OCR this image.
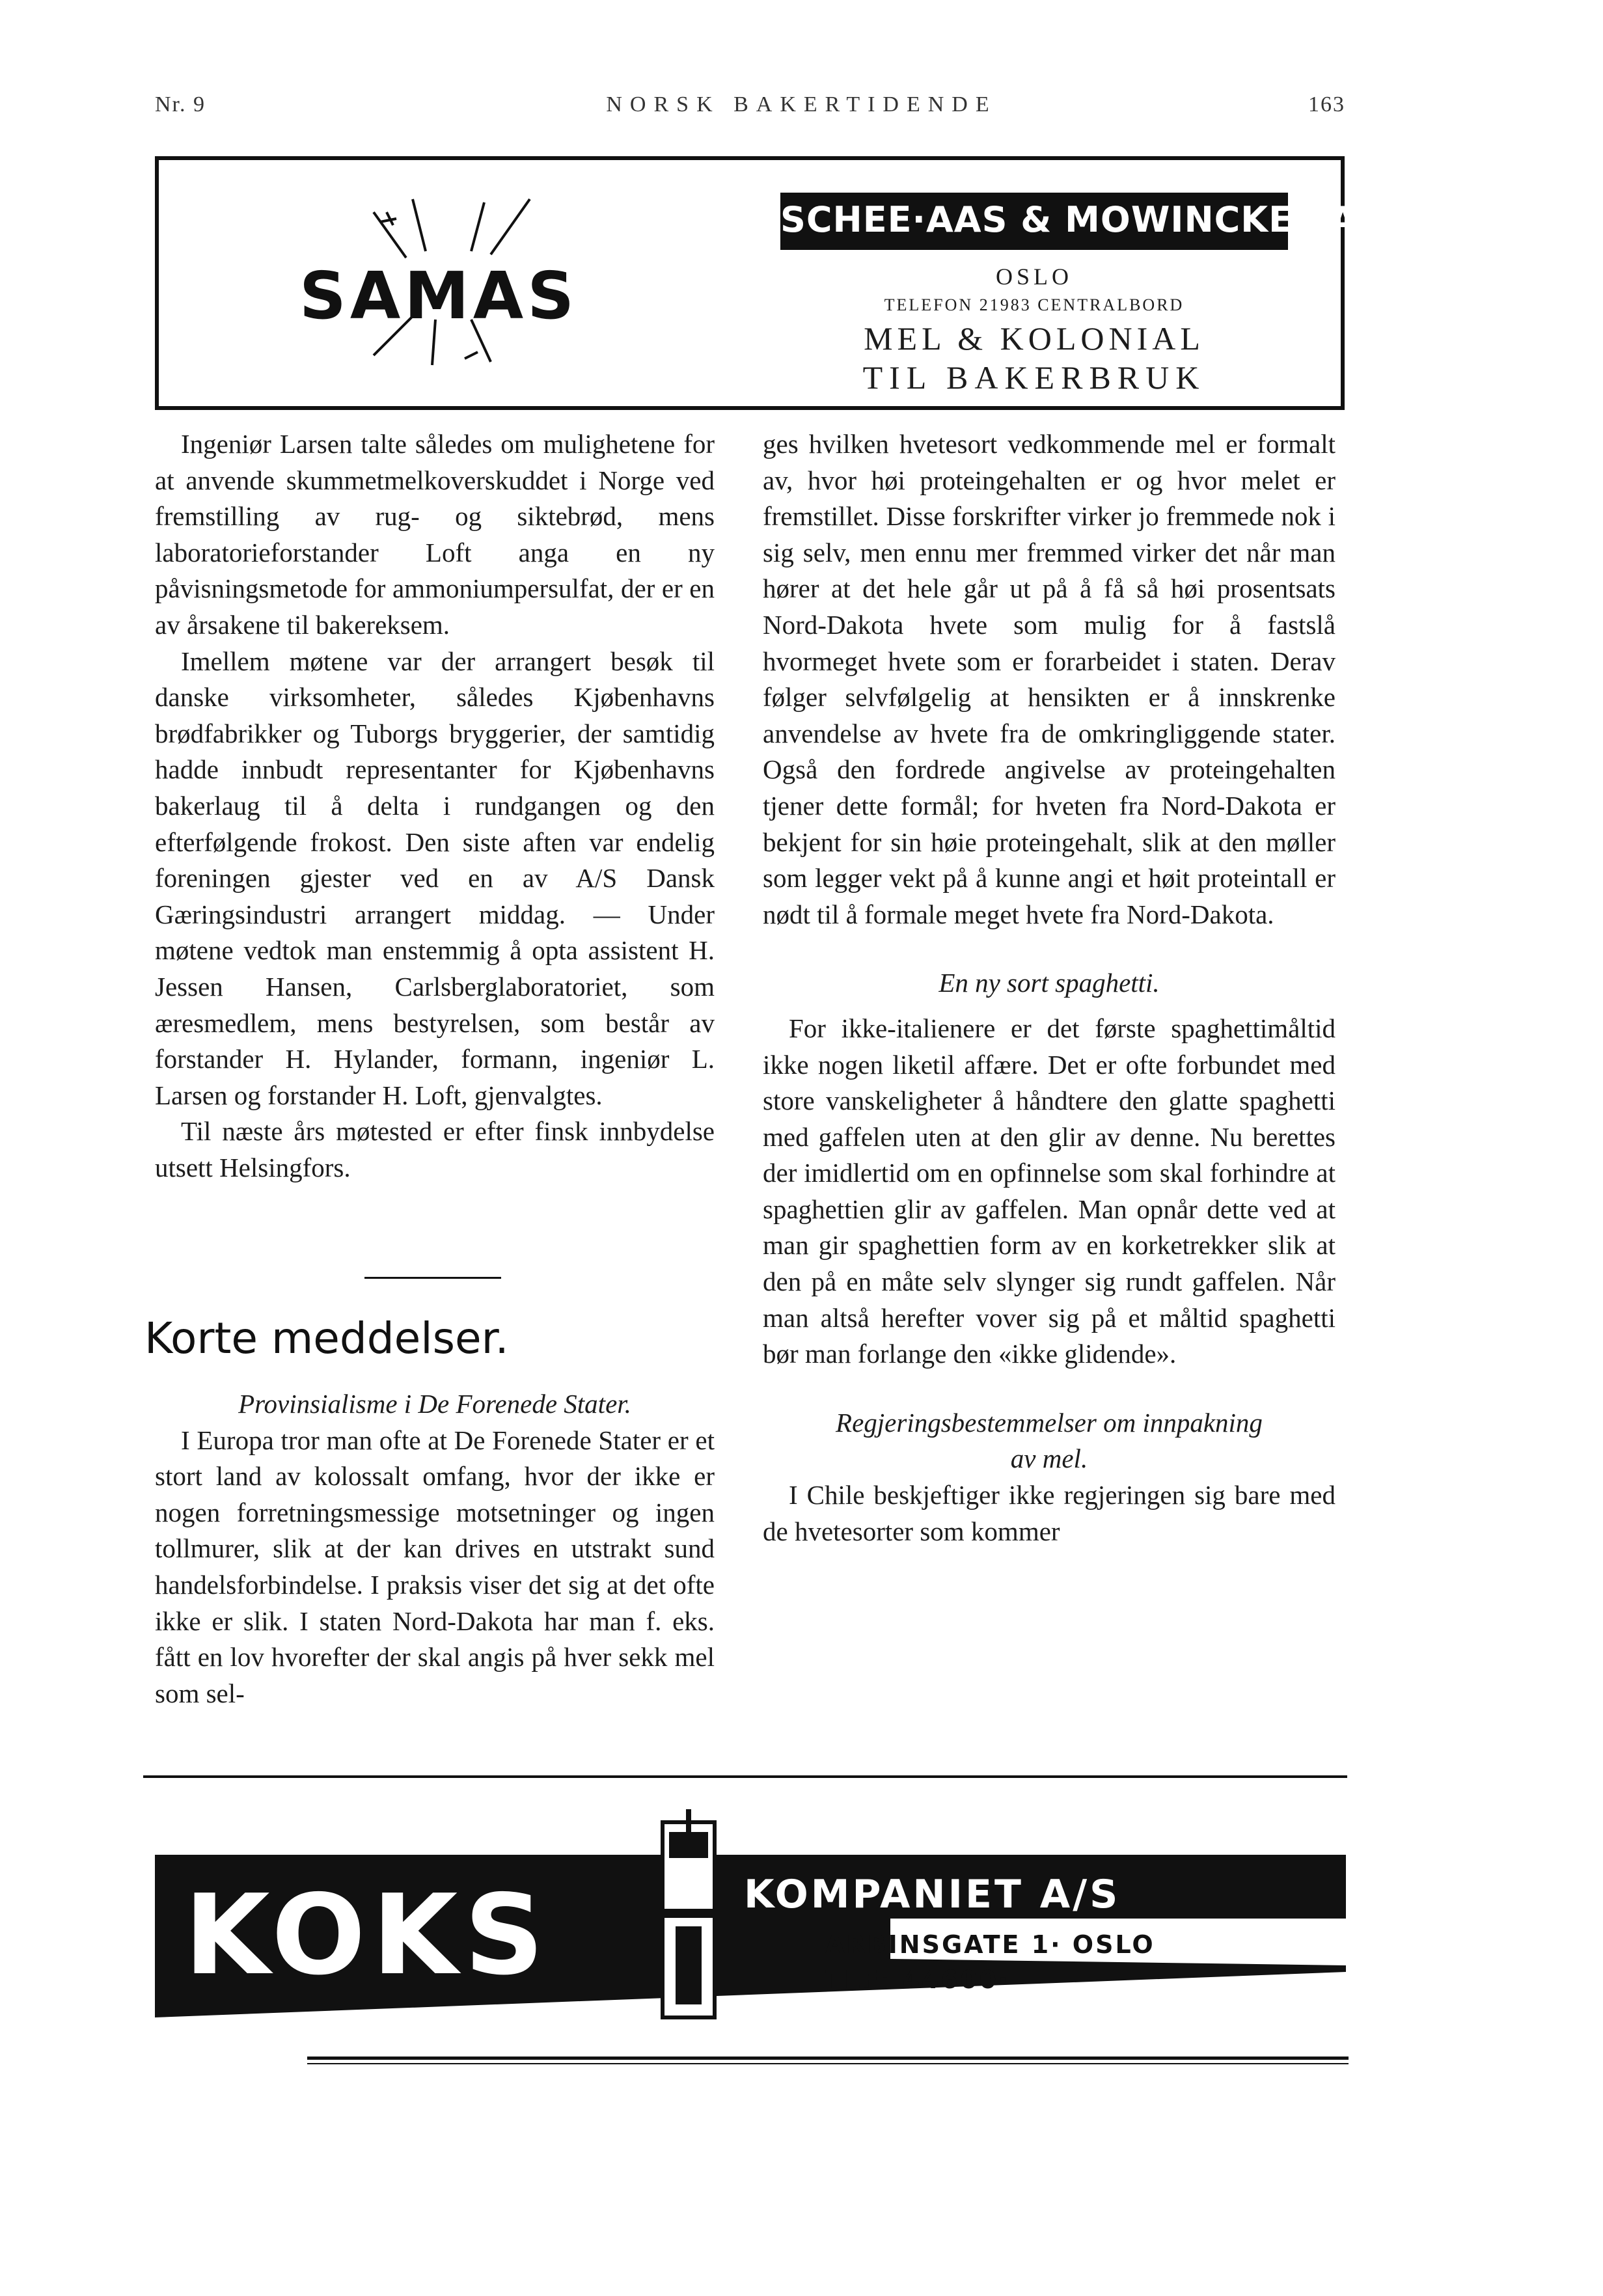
Nr. 9	NORSK BAKERTIDENDE	163
SAMAS
SCHEE·AAS & MOWINCKEL A-S
OSLO
TELEFON 21983 CENTRALBORD
MEL & KOLONIAL
TIL BAKERBRUK

Ingeniør Larsen talte således om mulighetene for at anvende skummetmelkoverskuddet i Norge ved fremstilling av rug- og siktebrød, mens laboratorieforstander Loft anga en ny påvisningsmetode for ammoniumpersulfat, der er en av årsakene til bakereksem.

Imellem møtene var der arrangert besøk til danske virksomheter, således Kjøbenhavns brødfabrikker og Tuborgs bryggerier, der samtidig hadde innbudt representanter for Kjøbenhavns bakerlaug til å delta i rundgangen og den efterfølgende frokost. Den siste aften var endelig foreningen gjester ved en av A/S Dansk Gæringsindustri arrangert middag. — Under møtene vedtok man enstemmig å opta assistent H. Jessen Hansen, Carlsberglaboratoriet, som æresmedlem, mens bestyrelsen, som består av forstander H. Hylander, formann, ingeniør L. Larsen og forstander H. Loft, gjenvalgtes.

Til næste års møtested er efter finsk innbydelse utsett Helsingfors.

Korte meddelser.

Provinsialisme i De Forenede Stater.

I Europa tror man ofte at De Forenede Stater er et stort land av kolossalt omfang, hvor der ikke er nogen forretningsmessige motsetninger og ingen tollmurer, slik at der kan drives en utstrakt sund handelsforbindelse. I praksis viser det sig at det ofte ikke er slik. I staten Nord-Dakota har man f. eks. fått en lov hvorefter der skal angis på hver sekk mel som sel-

ges hvilken hvetesort vedkommende mel er formalt av, hvor høi proteingehalten er og hvor melet er fremstillet. Disse forskrifter virker jo fremmede nok i sig selv, men ennu mer fremmed virker det når man hører at det hele går ut på å få så høi prosentsats Nord-Dakota hvete som mulig for å fastslå hvormeget hvete som er forarbeidet i staten. Derav følger selvfølgelig at hensikten er å innskrenke anvendelse av hvete fra de omkringliggende stater. Også den fordrede angivelse av proteingehalten tjener dette formål; for hveten fra Nord-Dakota er bekjent for sin høie proteingehalt, slik at den møller som legger vekt på å kunne angi et høit proteintall er nødt til å formale meget hvete fra Nord-Dakota.

En ny sort spaghetti.

For ikke-italienere er det første spaghettimåltid ikke nogen liketil affære. Det er ofte forbundet med store vanskeligheter å håndtere den glatte spaghetti med gaffelen uten at den glir av denne. Nu berettes der imidlertid om en opfinnelse som skal forhindre at spaghettien glir av gaffelen. Man opnår dette ved at man gir spaghettien form av en korketrekker slik at den på en måte selv slynger sig rundt gaffelen. Når man altså herefter vover sig på et måltid spaghetti bør man forlange den «ikke glidende».

Regjeringsbestemmelser om innpakning

av mel.

I Chile beskjeftiger ikke regjeringen sig bare med de hvetesorter som kommer

KOKS	KOMPANIET A/S
ARBINSGATE 1· OSLO
TLF· 44600·
